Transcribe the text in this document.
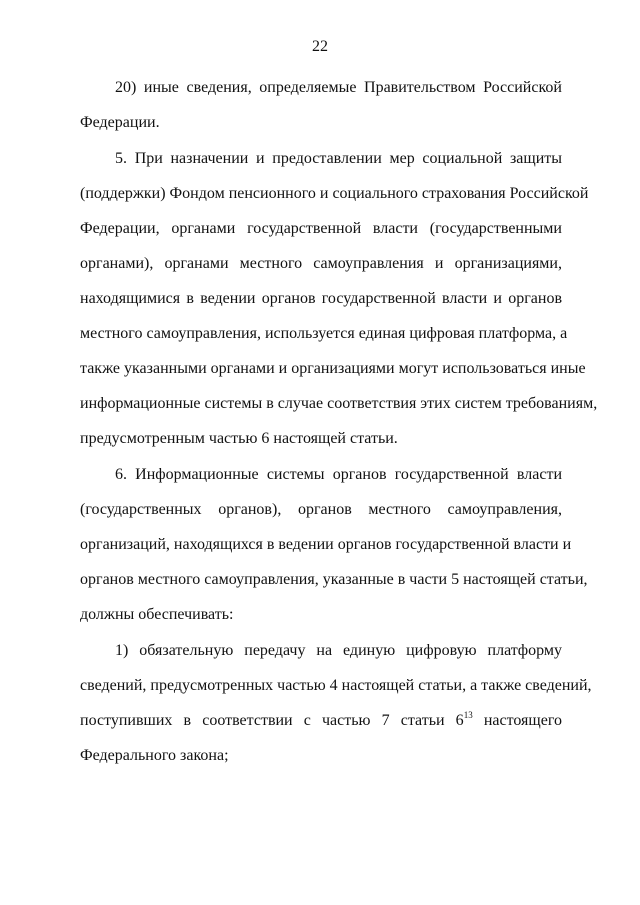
22
20) иные сведения, определяемые Правительством Российской
Федерации.
5. При назначении и предоставлении мер социальной защиты
(поддержки) Фондом пенсионного и социального страхования Российской
Федерации, органами государственной власти (государственными
органами), органами местного самоуправления и организациями,
находящимися в ведении органов государственной власти и органов
местного самоуправления, используется единая цифровая платформа, а
также указанными органами и организациями могут использоваться иные
информационные системы в случае соответствия этих систем требованиям,
предусмотренным частью 6 настоящей статьи.
6. Информационные системы органов государственной власти
(государственных органов), органов местного самоуправления,
организаций, находящихся в ведении органов государственной власти и
органов местного самоуправления, указанные в части 5 настоящей статьи,
должны обеспечивать:
1) обязательную передачу на единую цифровую платформу
сведений, предусмотренных частью 4 настоящей статьи, а также сведений,
поступивших в соответствии с частью 7 статьи $6^{13}$ настоящего
Федерального закона;
